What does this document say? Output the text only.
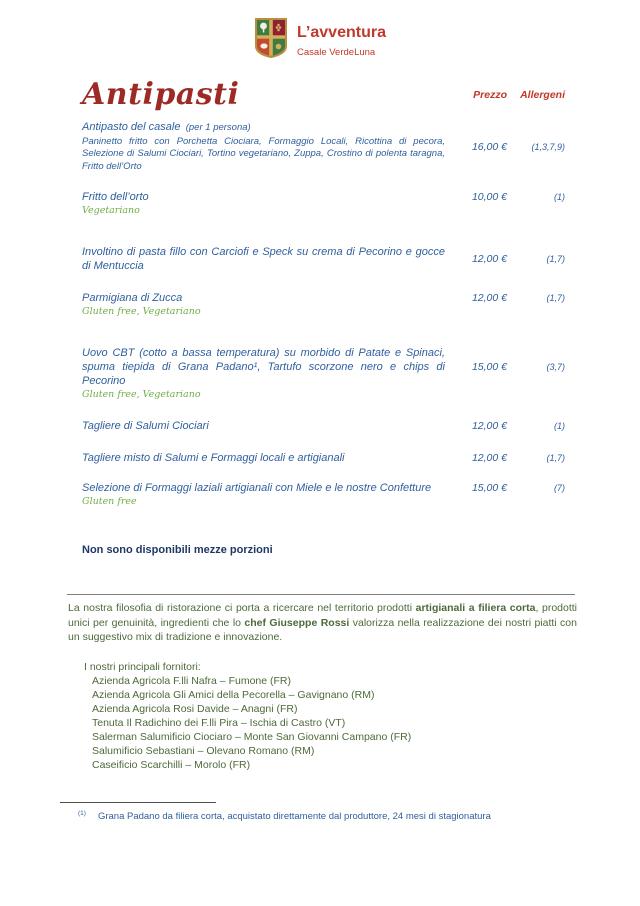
L’avventura
Casale VerdeLuna
Antipasti	Prezzo	Allergeni
Antipasto del casale  (per 1 persona)
Paninetto fritto con Porchetta Ciociara, Formaggio Locali, Ricottina di pecora, Selezione di Salumi Ciociari, Tortino vegetariano, Zuppa, Crostino di polenta taragna, Fritto dell’Orto
16,00 €	(1,3,7,9)
Fritto dell’orto	10,00 €	(1)
Vegetariano
Involtino di pasta fillo con Carciofi e Speck su crema di Pecorino e gocce di Mentuccia
12,00 €	(1,7)
Parmigiana di Zucca	12,00 €	(1,7)
Gluten free, Vegetariano
Uovo CBT (cotto a bassa temperatura) su morbido di Patate e Spinaci, spuma tiepida di Grana Padano¹, Tartufo scorzone nero e chips di Pecorino
15,00 €	(3,7)
Gluten free, Vegetariano
Tagliere di Salumi Ciociari	12,00 €	(1)
Tagliere misto di Salumi e Formaggi locali e artigianali	12,00 €	(1,7)
Selezione di Formaggi laziali artigianali con Miele e le nostre Confetture	15,00 €	(7)
Gluten free

Non sono disponibili mezze porzioni

La nostra filosofia di ristorazione ci porta a ricercare nel territorio prodotti artigianali a filiera corta, prodotti unici per genuinità, ingredienti che lo chef Giuseppe Rossi valorizza nella realizzazione dei nostri piatti con un suggestivo mix di tradizione e innovazione.

I nostri principali fornitori:

Azienda Agricola F.lli Nafra – Fumone (FR)
Azienda Agricola Gli Amici della Pecorella – Gavignano (RM)
Azienda Agricola Rosi Davide – Anagni (FR)
Tenuta Il Radichino dei F.lli Pira – Ischia di Castro (VT)
Salerman Salumificio Ciociaro – Monte San Giovanni Campano (FR)
Salumificio Sebastiani – Olevano Romano (RM)
Caseificio Scarchilli – Morolo (FR)

$^{(1)}$ Grana Padano da filiera corta, acquistato direttamente dal produttore, 24 mesi di stagionatura
